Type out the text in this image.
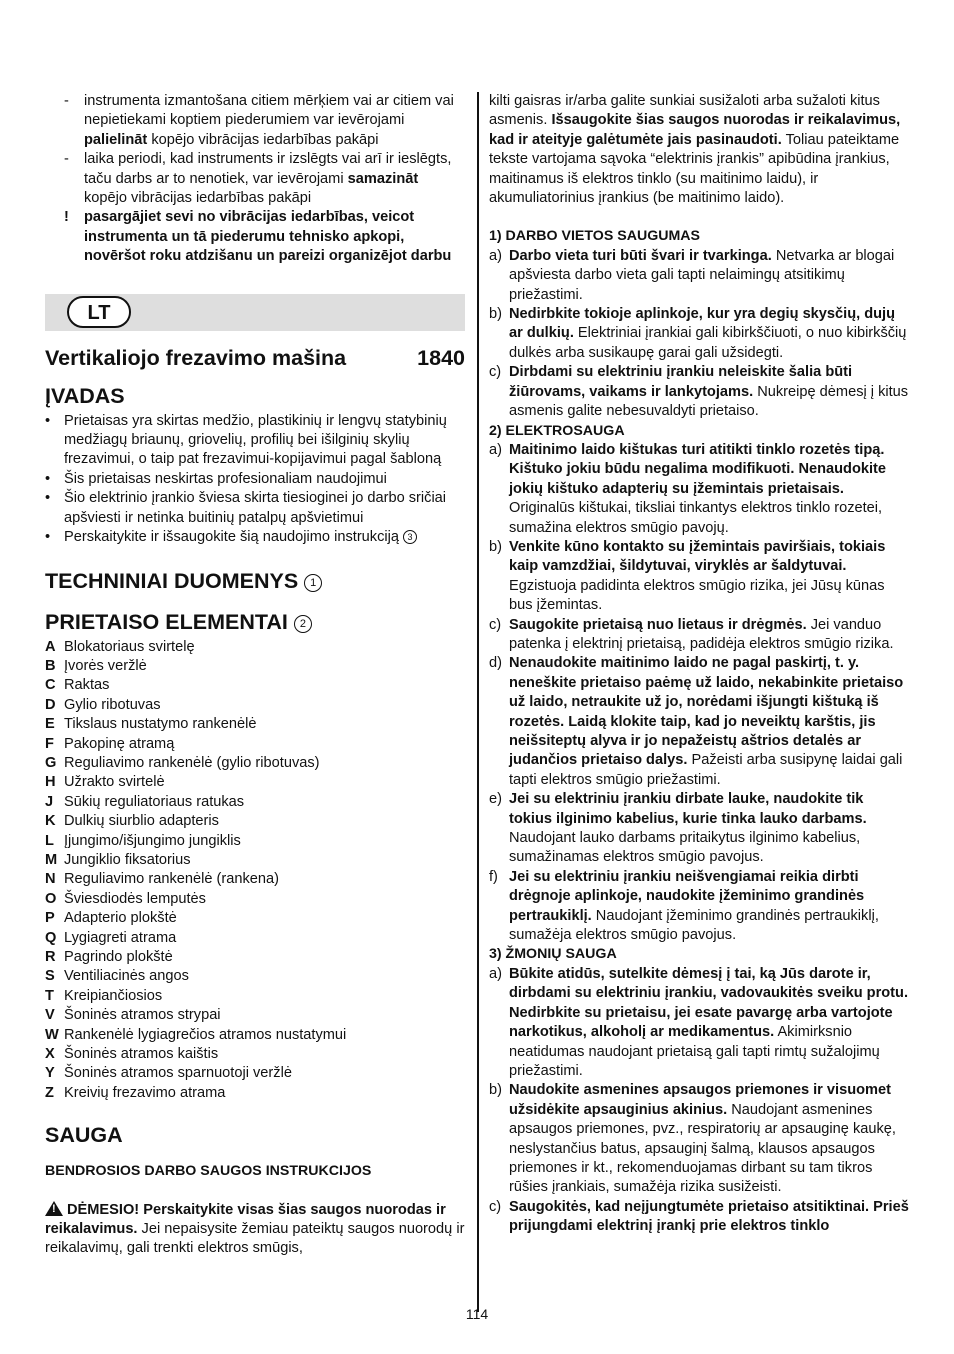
- instrumenta izmantošana citiem mērķiem vai ar citiem vai nepietiekami koptiem piederumiem var ievērojami palielināt kopējo vibrācijas iedarbības pakāpi
- laika periodi, kad instruments ir izslēgts vai arī ir ieslēgts, taču darbs ar to nenotiek, var ievērojami samazināt kopējo vibrācijas iedarbības pakāpi
! pasargājiet sevi no vibrācijas iedarbības, veicot instrumenta un tā piederumu tehnisko apkopi, novēršot roku atdzišanu un pareizi organizējot darbu
LT
Vertikaliojo frezavimo mašina	1840
ĮVADAS
• Prietaisas yra skirtas medžio, plastikinių ir lengvų statybinių medžiagų briaunų, griovelių, profilių bei išilginių skylių frezavimui, o taip pat frezavimui-kopijavimui pagal šabloną
• Šis prietaisas neskirtas profesionaliam naudojimui
• Šio elektrinio įrankio šviesa skirta tiesioginei jo darbo sričiai apšviesti ir netinka buitinių patalpų apšvietimui
• Perskaitykite ir išsaugokite šią naudojimo instrukciją 3
TECHNINIAI DUOMENYS 1
PRIETAISO ELEMENTAI 2
A Blokatoriaus svirtelę
B Įvorės veržlė
C Raktas
D Gylio ribotuvas
E Tikslaus nustatymo rankenėlė
F Pakopinę atramą
G Reguliavimo rankenėlė (gylio ribotuvas)
H Užrakto svirtelė
J Sūkių reguliatoriaus ratukas
K Dulkių siurblio adapteris
L Įjungimo/išjungimo jungiklis
M Jungiklio fiksatorius
N Reguliavimo rankenėlė (rankena)
O Šviesdiodės lemputės
P Adapterio plokštė
Q Lygiagreti atrama
R Pagrindo plokštė
S Ventiliacinės angos
T Kreipiančiosios
V Šoninės atramos strypai
W Rankenėlė lygiagrečios atramos nustatymui
X Šoninės atramos kaištis
Y Šoninės atramos sparnuotoji veržlė
Z Kreivių frezavimo atrama
SAUGA
BENDROSIOS DARBO SAUGOS INSTRUKCIJOS
!DĖMESIO! Perskaitykite visas šias saugos nuorodas ir reikalavimus. Jei nepaisysite žemiau pateiktų saugos nuorodų ir reikalavimų, gali trenkti elektros smūgis,
kilti gaisras ir/arba galite sunkiai susižaloti arba sužaloti kitus asmenis. Išsaugokite šias saugos nuorodas ir reikalavimus, kad ir ateityje galėtumėte jais pasinaudoti. Toliau pateiktame tekste vartojama sąvoka “elektrinis įrankis” apibūdina įrankius, maitinamus iš elektros tinklo (su maitinimo laidu), ir akumuliatorinius įrankius (be maitinimo laido).
1) DARBO VIETOS SAUGUMAS
a) Darbo vieta turi būti švari ir tvarkinga. Netvarka ar blogai apšviesta darbo vieta gali tapti nelaimingų atsitikimų priežastimi.
b) Nedirbkite tokioje aplinkoje, kur yra degių skysčių, dujų ar dulkių. Elektriniai įrankiai gali kibirkščiuoti, o nuo kibirkščių dulkės arba susikaupę garai gali užsidegti.
c) Dirbdami su elektriniu įrankiu neleiskite šalia būti žiūrovams, vaikams ir lankytojams. Nukreipę dėmesį į kitus asmenis galite nebesuvaldyti prietaiso.
2) ELEKTROSAUGA
a) Maitinimo laido kištukas turi atitikti tinklo rozetės tipą. Kištuko jokiu būdu negalima modifikuoti. Nenaudokite jokių kištuko adapterių su įžemintais prietaisais. Originalūs kištukai, tiksliai tinkantys elektros tinklo rozetei, sumažina elektros smūgio pavojų.
b) Venkite kūno kontakto su įžemintais paviršiais, tokiais kaip vamzdžiai, šildytuvai, viryklės ar šaldytuvai. Egzistuoja padidinta elektros smūgio rizika, jei Jūsų kūnas bus įžemintas.
c) Saugokite prietaisą nuo lietaus ir drėgmės. Jei vanduo patenka į elektrinį prietaisą, padidėja elektros smūgio rizika.
d) Nenaudokite maitinimo laido ne pagal paskirtį, t. y. neneškite prietaiso paėmę už laido, nekabinkite prietaiso už laido, netraukite už jo, norėdami išjungti kištuką iš rozetės. Laidą klokite taip, kad jo neveiktų karštis, jis neišsiteptų alyva ir jo nepažeistų aštrios detalės ar judančios prietaiso dalys. Pažeisti arba susipynę laidai gali tapti elektros smūgio priežastimi.
e) Jei su elektriniu įrankiu dirbate lauke, naudokite tik tokius ilginimo kabelius, kurie tinka lauko darbams. Naudojant lauko darbams pritaikytus ilginimo kabelius, sumažinamas elektros smūgio pavojus.
f) Jei su elektriniu įrankiu neišvengiamai reikia dirbti drėgnoje aplinkoje, naudokite įžeminimo grandinės pertraukiklį. Naudojant įžeminimo grandinės pertraukiklį, sumažėja elektros smūgio pavojus.
3) ŽMONIŲ SAUGA
a) Būkite atidūs, sutelkite dėmesį į tai, ką Jūs darote ir, dirbdami su elektriniu įrankiu, vadovaukitės sveiku protu. Nedirbkite su prietaisu, jei esate pavargę arba vartojote narkotikus, alkoholį ar medikamentus. Akimirksnio neatidumas naudojant prietaisą gali tapti rimtų sužalojimų priežastimi.
b) Naudokite asmenines apsaugos priemones ir visuomet užsidėkite apsauginius akinius. Naudojant asmenines apsaugos priemones, pvz., respiratorių ar apsauginę kaukę, neslystančius batus, apsauginį šalmą, klausos apsaugos priemones ir kt., rekomenduojamas dirbant su tam tikros rūšies įrankiais, sumažėja rizika susižeisti.
c) Saugokitės, kad neįjungtumėte prietaiso atsitiktinai. Prieš prijungdami elektrinį įrankį prie elektros tinklo
114
